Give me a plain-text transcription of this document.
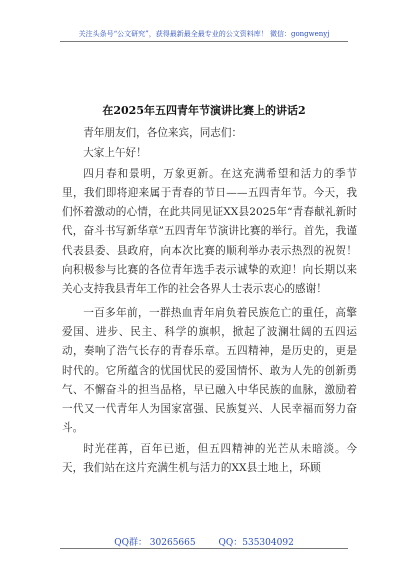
关注头条号“公文研究”，获得最新最全最专业的公文资料库！ 微信：gongwenyj
在2025年五四青年节演讲比赛上的讲话2

青年朋友们，各位来宾，同志们：

大家上午好！

四月春和景明，万象更新。在这充满希望和活力的季节里，我们即将迎来属于青春的节日——五四青年节。今天，我们怀着激动的心情，在此共同见证XX县2025年“青春献礼新时代，奋斗书写新华章”五四青年节演讲比赛的举行。首先，我谨代表县委、县政府，向本次比赛的顺利举办表示热烈的祝贺！向积极参与比赛的各位青年选手表示诚挚的欢迎！向长期以来关心支持我县青年工作的社会各界人士表示衷心的感谢！

一百多年前，一群热血青年肩负着民族危亡的重任，高擎爱国、进步、民主、科学的旗帜，掀起了波澜壮阔的五四运动，奏响了浩气长存的青春乐章。五四精神，是历史的，更是时代的。它所蕴含的忧国忧民的爱国情怀、敢为人先的创新勇气、不懈奋斗的担当品格，早已融入中华民族的血脉，激励着一代又一代青年人为国家富强、民族复兴、人民幸福而努力奋斗。

时光荏苒，百年已逝，但五四精神的光芒从未暗淡。今天，我们站在这片充满生机与活力的XX县土地上，环顾

QQ群： 30265665	QQ：535304092
